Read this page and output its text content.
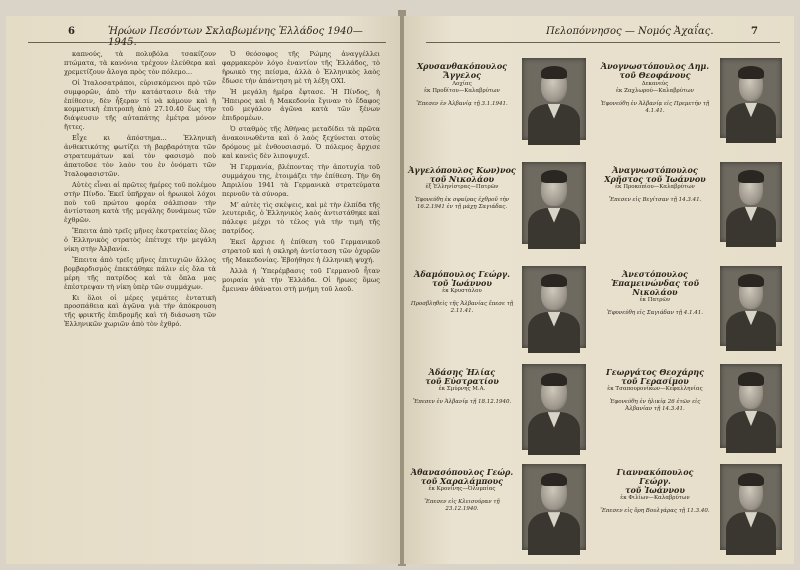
6	Ἡρώων Πεσόντων Σκλαβωμένης Ἑλλάδος 1940—1945.

καπνούς, τὰ πολυβόλα τσακίζουν πτώματα, τὰ κανόνια τρέχουν ἑλεύθερα καὶ χρεμετίζουν ἄλογα πρὸς τὸν πόλεμο...

Οἱ Ἰταλοσατράποι, εὑρισκόμενοι πρὸ τῶν συμφορῶν, ἀπὸ τὴν κατάστασιν διὰ τὴν ἐπίθεσιν, δὲν ἦξεραν τί νὰ κάμουν καὶ ἡ κομματικὴ ἐπιτροπὴ ἀπὸ 27.10.40 ἕως τὴν διάψευσιν τῆς αὐταπάτης ἐμέτρα μόνον ἥττες.

Εἶχε κι ἀπόστημα... Ἑλληνικὴ ἀνθεκτικότης φωτίζει τὴ βαρβαρότητα τῶν στρατευμάτων καὶ τὸν φασισμὸ ποὺ ἀπατοῦσε τὸν λαὸν του ἐν ὀνόματι τῶν Ἰταλοφασιστῶν.

Αὐτὲς εἶναι αἱ πρῶτες ἡμέρες τοῦ πολέμου στὴν Πίνδο. Ἐκεῖ ὑπῆρχαν οἱ ἡρωικοὶ λόχοι ποὺ τοῦ πρώτου φορέα σάλπισαν τὴν ἀντίσταση κατὰ τῆς μεγάλης δυνάμεως τῶν ἐχθρῶν.

Ἔπειτα ἀπὸ τρεῖς μῆνες ἐκστρατείας ὅλος ὁ Ἑλληνικὸς στρατὸς ἐπέτυχε τὴν μεγάλη νίκη στὴν Ἀλβανία.

Ἔπειτα ἀπὸ τρεῖς μῆνες ἐπιτυχιῶν ἄλλος βομβαρδισμὸς ἐπεκτάθηκε πάλιν εἰς ὅλα τὰ μέρη τῆς πατρίδος καὶ τὰ ὅπλα μας ἐπέστρεψαν τὴ νίκη ὑπὲρ τῶν συμμάχων.

Κι ὅλοι οἱ μέρες γεμάτες ἐντατικὴ προσπάθεια καὶ ἀγῶνα γιὰ τὴν ἀπόκρουση τῆς φρικτῆς ἐπιδρομῆς καὶ τὴ διάσωση τῶν Ἑλληνικῶν χωριῶν ἀπὸ τὸν ἐχθρό.

Ὁ θεόσοφος τῆς Ρώμης ἀναγγέλλει φαρμακερὸν λόγο ἐναντίον τῆς Ἑλλάδος, τὸ ἡρωικὸ της πείσμα, ἀλλὰ ὁ Ἑλληνικὸς λαὸς ἔδωσε τὴν ἀπάντηση μὲ τὴ λέξη ΟΧΙ.

Ἡ μεγάλη ἡμέρα ἔφτασε. Ἡ Πίνδος, ἡ Ἤπειρος καὶ ἡ Μακεδονία ἔγιναν τὸ ἔδαφος τοῦ μεγάλου ἀγῶνα κατὰ τῶν ξένων ἐπιδρομέων.

Ὁ σταθμὸς τῆς Ἀθήνας μεταδίδει τὰ πρῶτα ἀνακοινωθέντα καὶ ὁ λαὸς ξεχύνεται στοὺς δρόμους μὲ ἐνθουσιασμό. Ὁ πόλεμος ἄρχισε καὶ κανεὶς δὲν λιποψυχεῖ.

Ἡ Γερμανία, βλέποντας τὴν ἀποτυχία τοῦ συμμάχου της, ἑτοιμάζει τὴν ἐπίθεση. Τὴν 6η Ἀπριλίου 1941 τὰ Γερμανικὰ στρατεύματα περνοῦν τὰ σύνορα.

Μ’ αὐτὲς τὶς σκέψεις, καὶ μὲ τὴν ἐλπίδα τῆς λευτεριᾶς, ὁ Ἑλληνικὸς λαὸς ἀντιστάθηκε καὶ πάλεψε μέχρι τὸ τέλος γιὰ τὴν τιμὴ τῆς πατρίδος.

Ἐκεῖ ἄρχισε ἡ ἐπίθεση τοῦ Γερμανικοῦ στρατοῦ καὶ ἡ σκληρὴ ἀντίσταση τῶν ὀχυρῶν τῆς Μακεδονίας. Ἐβοήθησε ἡ ἐλληνικὴ ψυχή.

Ἀλλὰ ἡ Ὑπερέμβασις τοῦ Γερμανοῦ ἦταν μοιραία γιὰ τὴν Ἑλλάδα. Οἱ ἥρωες ὅμως ἔμειναν ἀθάνατοι στὴ μνήμη τοῦ λαοῦ.

Πελοπόννησος — Νομός Ἀχαΐας.	7
Χρυσανθακόπουλος
Ἄγγελος
Λοχίας
ἐκ Προδίτου—Καλαβρύτων
Ἔπεσεν ἐν Ἀλβανίᾳ τῇ 3.1.1941.
Ἀγγελόπουλος Κων)νος
τοῦ Νικολάου
ἐξ Ἑλληνίστρας—Πατρῶν
Ἐφονεύθη ἐκ σφαίρας ἐχθροῦ τὴν 16.2.1941 ἐν τῇ μάχῃ Σαγιάδας.
Ἀδαμόπουλος Γεώργ.
τοῦ Ἰωάννου
ἐκ Κρυστάλου
Προσβληθεὶς τῆς Ἀλβανίας ἔπεσε τῇ 2.11.41.
Ἀδάσης Ἠλίας
τοῦ Εὐστρατίου
ἐκ Σμύρνης Μ.Α.
Ἔπεσεν ἐν Ἀλβανίᾳ τῇ 18.12.1940.
Ἀθανασόπουλος Γεώρ.
τοῦ Χαραλάμπους
ἐκ Κρονίνης—Ὀλυμπίας
Ἔπεσεν εἰς Κλεισούραν τῇ 23.12.1940.
Ἀνογνωστόπουλος Δημ.
τοῦ Θεοφάνους
Δεκανεύς
ἐκ Ζαχλωρού—Καλαβρύτων
Ἐφονεύθη ἐν Ἀλβανίᾳ εἰς Πρεμετήν τῇ 4.1.41.
Ἀναγνωστόπουλος
Χρῆστος τοῦ Ἰωάννου
ἐκ Προκοπίου—Καλαβρύτων
Ἔπεσεν εἰς Βεγίτσαν τῇ 14.3.41.
Ἀνεστόπουλος
Ἐπαμεινώνδας τοῦ Νικολάου
ἐκ Πατρῶν
Ἐφονεύθη εἰς Σαγιάδαν τῇ 4.1.41.
Γεωργάτος Θεοχάρης
τοῦ Γερασίμου
ἐκ Τσαπουρονίκων—Κεφαλληνίας
Ἐφονεύθη ἐν ἡλικίᾳ 26 ἐτῶν εἰς Ἀλβανίαν τῇ 14.3.41.
Γιαννακόπουλος Γεώργ.
τοῦ Ἰωάννου
ἐκ Φιλίων—Καλαβρύτων
Ἔπεσεν εἰς ὄρη Βουλγάρας τῇ 11.3.40.
